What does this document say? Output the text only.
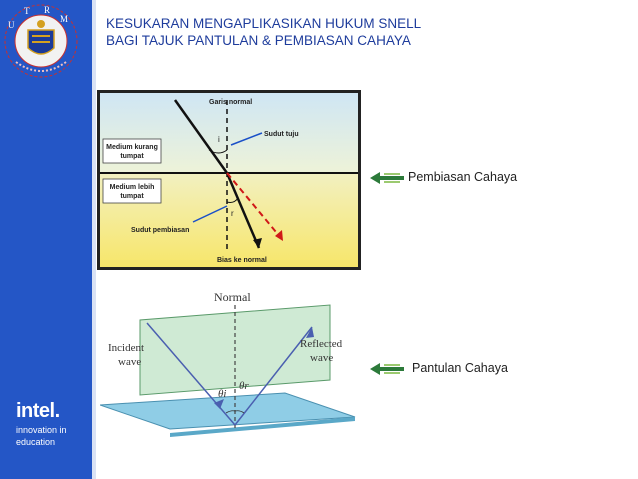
U
T R
M
intel.
innovation in
education
KESUKARAN MENGAPLIKASIKAN HUKUM SNELL
BAGI TAJUK PANTULAN & PEMBIASAN CAHAYA
Garis normal
Sudut tuju
Medium kurang
tumpat
Medium lebih
tumpat
Sudut pembiasan
Bias ke normal
i
r
Normal
Incident
wave
Reflected
wave
θi
θr
Pembiasan Cahaya
Pantulan Cahaya
